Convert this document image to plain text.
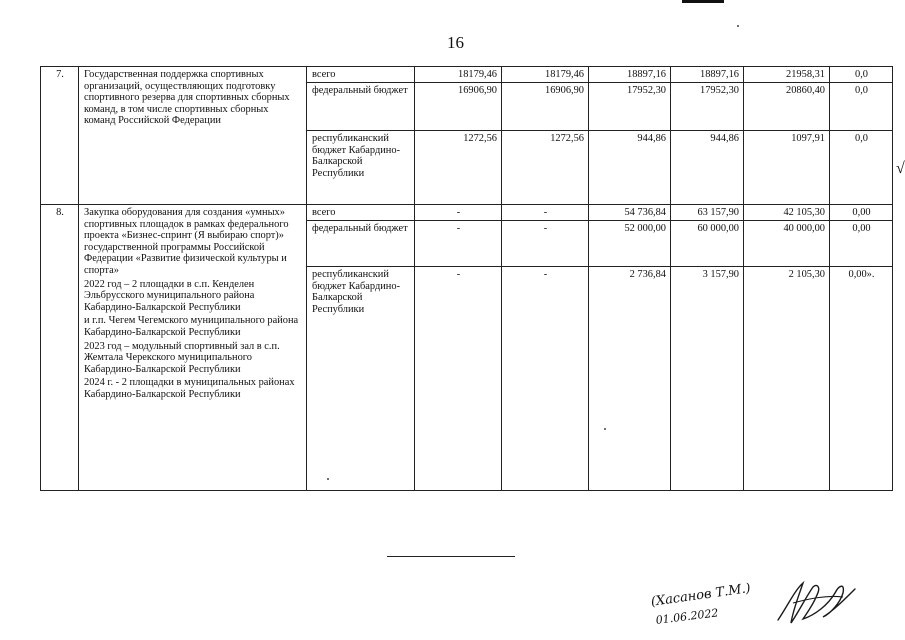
16
7.	Государственная поддержка спортивных организаций, осуществляющих подготовку спортивного резерва для спортивных сборных команд, в том числе спортивных сборных команд Российской Федерации	всего	18179,46	18179,46	18897,16	18897,16	21958,31	0,0
		федеральный бюджет	16906,90	16906,90	17952,30	17952,30	20860,40	0,0
		республиканский бюджет Кабардино-Балкарской Республики	1272,56	1272,56	944,86	944,86	1097,91	0,0
8.	Закупка оборудования для создания «умных» спортивных площадок в рамках федерального проекта «Бизнес-спринт (Я выбираю спорт)» государственной программы Российской Федерации «Развитие физической культуры и спорта»

2022 год – 2 площадки в с.п. Кенделен Эльбрусского муниципального района Кабардино-Балкарской Республики

и г.п. Чегем Чегемского муниципального района Кабардино-Балкарской Республики

2023 год – модульный спортивный зал в с.п. Жемтала Черекского муниципального Кабардино-Балкарской Республики

2024 г. - 2 площадки в муниципальных районах Кабардино-Балкарской Республики	всего	-	-	54 736,84	63 157,90	42 105,30	0,00
		федеральный бюджет	-	-	52 000,00	60 000,00	40 000,00	0,00
		республиканский бюджет Кабардино-Балкарской Республики	-	-	2 736,84	3 157,90	2 105,30	0,00».
√
(Хасанов Т.М.)
01.06.2022
